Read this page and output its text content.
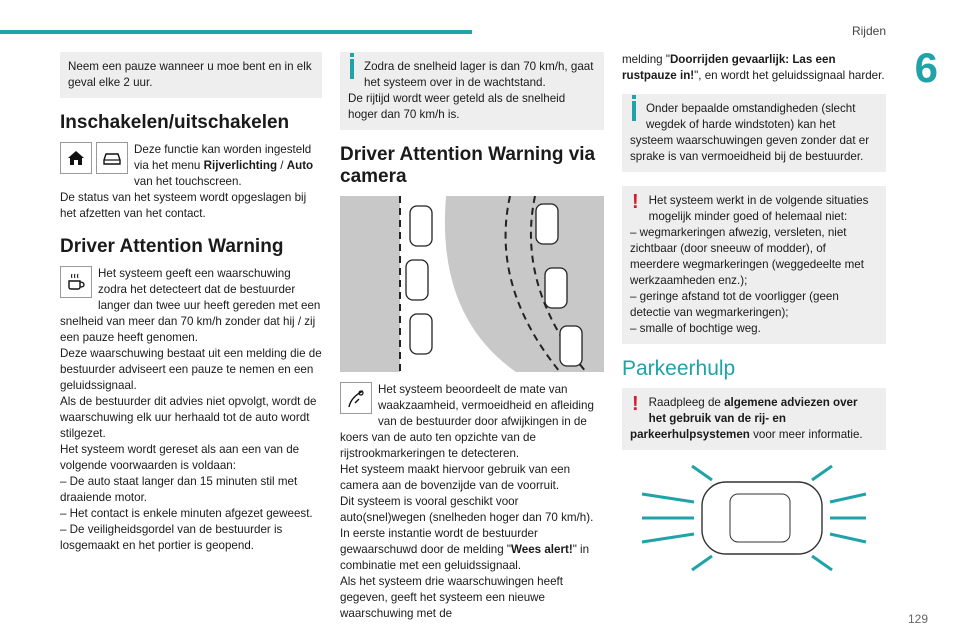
Rijden
6
129

Neem een pauze wanneer u moe bent en in elk geval elke 2 uur.

Inschakelen/uitschakelen

Deze functie kan worden ingesteld via het menu Rijverlichting / Auto van het touchscreen.

De status van het systeem wordt opgeslagen bij het afzetten van het contact.

Driver Attention Warning

Het systeem geeft een waarschuwing zodra het detecteert dat de bestuurder langer dan twee uur heeft gereden met een snelheid van meer dan 70 km/h zonder dat hij / zij een pauze heeft genomen.

Deze waarschuwing bestaat uit een melding die de bestuurder adviseert een pauze te nemen en een geluidssignaal.

Als de bestuurder dit advies niet opvolgt, wordt de waarschuwing elk uur herhaald tot de auto wordt stilgezet.

Het systeem wordt gereset als aan een van de volgende voorwaarden is voldaan:

– De auto staat langer dan 15 minuten stil met draaiende motor.

– Het contact is enkele minuten afgezet geweest.

– De veiligheidsgordel van de bestuurder is losgemaakt en het portier is geopend.

Zodra de snelheid lager is dan 70 km/h, gaat het systeem over in de wachtstand.

De rijtijd wordt weer geteld als de snelheid hoger dan 70 km/h is.

Driver Attention Warning via camera

Het systeem beoordeelt de mate van waakzaamheid, vermoeidheid en afleiding van de bestuurder door afwijkingen in de koers van de auto ten opzichte van de rijstrookmarkeringen te detecteren.

Het systeem maakt hiervoor gebruik van een camera aan de bovenzijde van de voorruit.

Dit systeem is vooral geschikt voor auto(snel)wegen (snelheden hoger dan 70 km/h).

In eerste instantie wordt de bestuurder gewaarschuwd door de melding "Wees alert!" in combinatie met een geluidssignaal.

Als het systeem drie waarschuwingen heeft gegeven, geeft het systeem een nieuwe waarschuwing met de

melding "Doorrijden gevaarlijk: Las een rustpauze in!", en wordt het geluidssignaal harder.

Onder bepaalde omstandigheden (slecht wegdek of harde windstoten) kan het systeem waarschuwingen geven zonder dat er sprake is van vermoeidheid bij de bestuurder.

! Het systeem werkt in de volgende situaties mogelijk minder goed of helemaal niet:

– wegmarkeringen afwezig, versleten, niet zichtbaar (door sneeuw of modder), of meerdere wegmarkeringen (weggedeelte met werkzaamheden enz.);

– geringe afstand tot de voorligger (geen detectie van wegmarkeringen);

– smalle of bochtige weg.

Parkeerhulp
! Raadpleeg de algemene adviezen over het gebruik van de rij- en parkeerhulpsystemen voor meer informatie.
